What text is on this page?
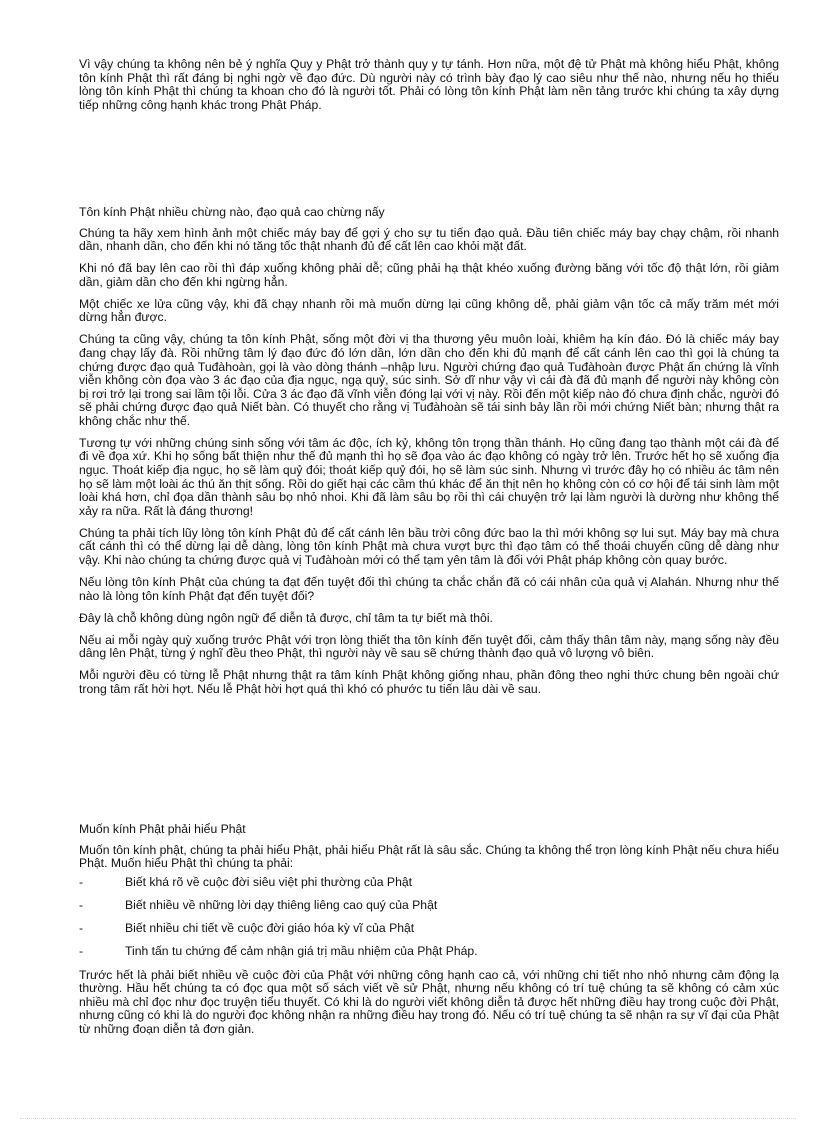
Vì vậy chúng ta không nên bẻ ý nghĩa Quy y Phật trở thành quy y tự tánh. Hơn nữa, một đệ tử Phật mà không hiểu Phật, không tôn kính Phật thì rất đáng bị nghi ngờ về đạo đức. Dù người này có trình bày đạo lý cao siêu như thế nào, nhưng nếu họ thiếu lòng tôn kính Phật thì chúng ta khoan cho đó là người tốt. Phải có lòng tôn kính Phật làm nền tảng trước khi chúng ta xây dựng tiếp những công hạnh khác trong Phật Pháp.

Tôn kính Phật nhiều chừng nào, đạo quả cao chừng nấy

Chúng ta hãy xem hình ảnh một chiếc máy bay để gợi ý cho sự tu tiến đạo quả. Đầu tiên chiếc máy bay chạy chậm, rồi nhanh dần, nhanh dần, cho đến khi nó tăng tốc thật nhanh đủ để cất lên cao khỏi mặt đất.

Khi nó đã bay lên cao rồi thì đáp xuống không phải dễ; cũng phải hạ thật khéo xuống đường băng với tốc độ thật lớn, rồi giảm dần, giảm dần cho đến khi ngừng hẳn.

Một chiếc xe lửa cũng vậy, khi đã chạy nhanh rồi mà muốn dừng lại cũng không dễ, phải giảm vận tốc cả mấy trăm mét mới dừng hẳn được.

Chúng ta cũng vậy, chúng ta tôn kính Phật, sống một đời vị tha thương yêu muôn loài, khiêm hạ kín đáo. Đó là chiếc máy bay đang chạy lấy đà. Rồi những tâm lý đạo đức đó lớn dần, lớn dần cho đến khi đủ mạnh để cất cánh lên cao thì gọi là chúng ta chứng được đạo quả Tuđàhoàn, gọi là vào dòng thánh –nhập lưu. Người chứng đạo quả Tuđàhoàn được Phật ấn chứng là vĩnh viễn không còn đọa vào 3 ác đạo của địa ngục, ngạ quỷ, súc sinh. Sở dĩ như vậy vì cái đà đã đủ mạnh để người này không còn bị rơi trở lại trong sai lầm tội lỗi. Cửa 3 ác đạo đã vĩnh viễn đóng lại với vị này. Rồi đến một kiếp nào đó chưa định chắc, người đó sẽ phải chứng được đạo quả Niết bàn. Có thuyết cho rằng vị Tuđàhoàn sẽ tái sinh bảy lần rồi mới chứng Niết bàn; nhưng thật ra không chắc như thế.

Tương tự với những chúng sinh sống với tâm ác độc, ích kỷ, không tôn trọng thần thánh. Họ cũng đang tạo thành một cái đà để đi về đọa xứ. Khi họ sống bất thiện như thế đủ mạnh thì họ sẽ đọa vào ác đạo không có ngày trở lên. Trước hết họ sẽ xuống địa ngục. Thoát kiếp địa ngục, họ sẽ làm quỷ đói; thoát kiếp quỷ đói, họ sẽ làm súc sinh. Nhưng vì trước đây họ có nhiều ác tâm nên họ sẽ làm một loài ác thú ăn thịt sống. Rồi do giết hại các cầm thú khác để ăn thịt nên họ không còn có cơ hội để tái sinh làm một loài khá hơn, chỉ đọa dần thành sâu bọ nhỏ nhoi. Khi đã làm sâu bọ rồi thì cái chuyện trở lại làm người là dường như không thể xảy ra nữa. Rất là đáng thương!

Chúng ta phải tích lũy lòng tôn kính Phật đủ để cất cánh lên bầu trời công đức bao la thì mới không sợ lui sụt. Máy bay mà chưa cất cánh thì có thể dừng lại dễ dàng, lòng tôn kính Phật mà chưa vượt bực thì đạo tâm có thể thoái chuyển cũng dễ dàng như vậy. Khi nào chúng ta chứng được quả vị Tuđàhoàn mới có thể tạm yên tâm là đối với Phật pháp không còn quay bước.

Nếu lòng tôn kính Phật của chúng ta đạt đến tuyệt đối thì chúng ta chắc chắn đã có cái nhân của quả vị Alahán. Nhưng như thế nào là lòng tôn kính Phật đạt đến tuyệt đối?

Đây là chỗ không dùng ngôn ngữ để diễn tả được, chỉ tâm ta tự biết mà thôi.

Nếu ai mỗi ngày quỳ xuống trước Phật với trọn lòng thiết tha tôn kính đến tuyệt đối, cảm thấy thân tâm này, mạng sống này đều dâng lên Phật, từng ý nghĩ đều theo Phật, thì người này về sau sẽ chứng thành đạo quả vô lượng vô biên.

Mỗi người đều có từng lễ Phật nhưng thật ra tâm kính Phật không giống nhau, phần đông theo nghi thức chung bên ngoài chứ trong tâm rất hời hợt. Nếu lễ Phật hời hợt quá thì khó có phước tu tiến lâu dài về sau.

Muốn kính Phật phải hiểu Phật

Muốn tôn kính phật, chúng ta phải hiểu Phật, phải hiểu Phật rất là sâu sắc. Chúng ta không thể trọn lòng kính Phật nếu chưa hiểu Phật. Muốn hiểu Phật thì chúng ta phải:

-	Biết khá rõ về cuộc đời siêu việt phi thường của Phật
-	Biết nhiều về những lời dạy thiêng liêng cao quý của Phật
-	Biết nhiều chi tiết về cuộc đời giáo hóa kỳ vĩ của Phật
-	Tinh tấn tu chứng để cảm nhận giá trị mầu nhiệm của Phật Pháp.

Trước hết là phải biết nhiều về cuộc đời của Phật với những công hạnh cao cả, với những chi tiết nho nhỏ nhưng cảm động lạ thường. Hầu hết chúng ta có đọc qua một số sách viết về sử Phật, nhưng nếu không có trí tuệ chúng ta sẽ không có cảm xúc nhiều mà chỉ đọc như đọc truyện tiểu thuyết. Có khi là do người viết không diễn tả được hết những điều hay trong cuộc đời Phật, nhưng cũng có khi là do người đọc không nhận ra những điều hay trong đó. Nếu có trí tuệ chúng ta sẽ nhận ra sự vĩ đại của Phật từ những đoạn diễn tả đơn giản.
